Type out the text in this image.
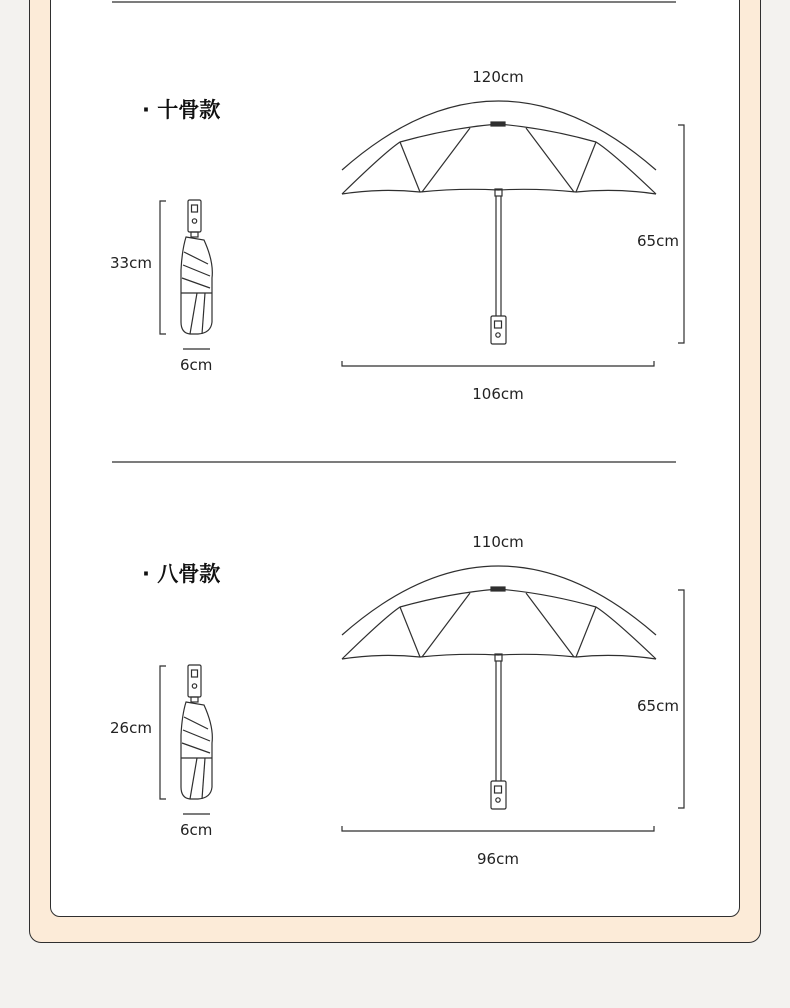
· 十骨款
33cm
6cm
120cm
65cm
106cm
· 八骨款
26cm
6cm
110cm
65cm
96cm
